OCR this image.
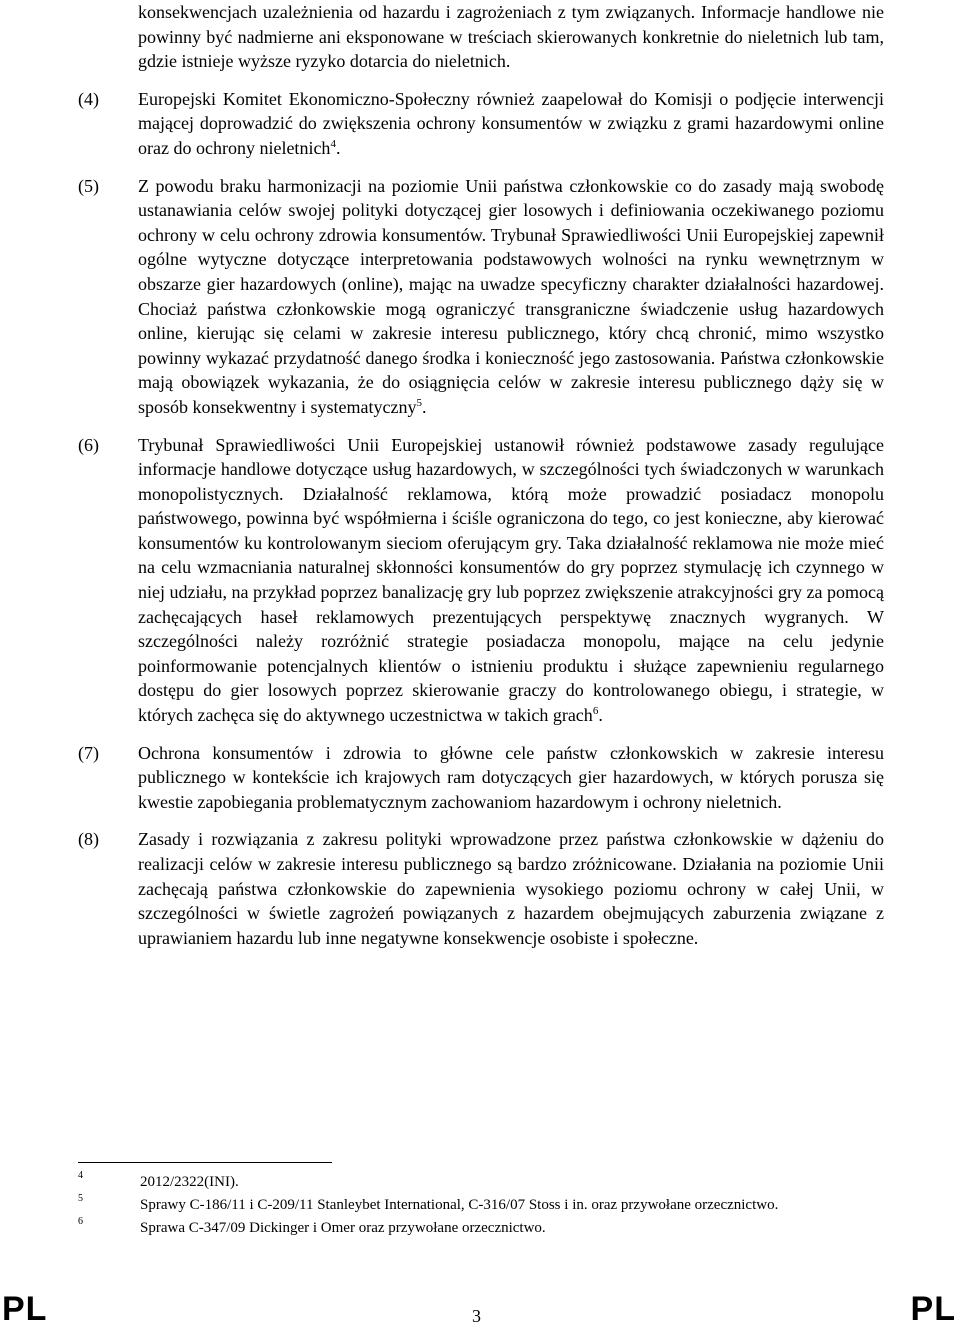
konsekwencjach uzależnienia od hazardu i zagrożeniach z tym związanych. Informacje handlowe nie powinny być nadmierne ani eksponowane w treściach skierowanych konkretnie do nieletnich lub tam, gdzie istnieje wyższe ryzyko dotarcia do nieletnich.
(4)	Europejski Komitet Ekonomiczno-Społeczny również zaapelował do Komisji o podjęcie interwencji mającej doprowadzić do zwiększenia ochrony konsumentów w związku z grami hazardowymi online oraz do ochrony nieletnich$^4$.
(5)	Z powodu braku harmonizacji na poziomie Unii państwa członkowskie co do zasady mają swobodę ustanawiania celów swojej polityki dotyczącej gier losowych i definiowania oczekiwanego poziomu ochrony w celu ochrony zdrowia konsumentów. Trybunał Sprawiedliwości Unii Europejskiej zapewnił ogólne wytyczne dotyczące interpretowania podstawowych wolności na rynku wewnętrznym w obszarze gier hazardowych (online), mając na uwadze specyficzny charakter działalności hazardowej. Chociaż państwa członkowskie mogą ograniczyć transgraniczne świadczenie usług hazardowych online, kierując się celami w zakresie interesu publicznego, który chcą chronić, mimo wszystko powinny wykazać przydatność danego środka i konieczność jego zastosowania. Państwa członkowskie mają obowiązek wykazania, że do osiągnięcia celów w zakresie interesu publicznego dąży się w sposób konsekwentny i systematyczny$^5$.
(6)	Trybunał Sprawiedliwości Unii Europejskiej ustanowił również podstawowe zasady regulujące informacje handlowe dotyczące usług hazardowych, w szczególności tych świadczonych w warunkach monopolistycznych. Działalność reklamowa, którą może prowadzić posiadacz monopolu państwowego, powinna być współmierna i ściśle ograniczona do tego, co jest konieczne, aby kierować konsumentów ku kontrolowanym sieciom oferującym gry. Taka działalność reklamowa nie może mieć na celu wzmacniania naturalnej skłonności konsumentów do gry poprzez stymulację ich czynnego w niej udziału, na przykład poprzez banalizację gry lub poprzez zwiększenie atrakcyjności gry za pomocą zachęcających haseł reklamowych prezentujących perspektywę znacznych wygranych. W szczególności należy rozróżnić strategie posiadacza monopolu, mające na celu jedynie poinformowanie potencjalnych klientów o istnieniu produktu i służące zapewnieniu regularnego dostępu do gier losowych poprzez skierowanie graczy do kontrolowanego obiegu, i strategie, w których zachęca się do aktywnego uczestnictwa w takich grach$^6$.
(7)	Ochrona konsumentów i zdrowia to główne cele państw członkowskich w zakresie interesu publicznego w kontekście ich krajowych ram dotyczących gier hazardowych, w których porusza się kwestie zapobiegania problematycznym zachowaniom hazardowym i ochrony nieletnich.
(8)	Zasady i rozwiązania z zakresu polityki wprowadzone przez państwa członkowskie w dążeniu do realizacji celów w zakresie interesu publicznego są bardzo zróżnicowane. Działania na poziomie Unii zachęcają państwa członkowskie do zapewnienia wysokiego poziomu ochrony w całej Unii, w szczególności w świetle zagrożeń powiązanych z hazardem obejmujących zaburzenia związane z uprawianiem hazardu lub inne negatywne konsekwencje osobiste i społeczne.
4	2012/2322(INI).
5	Sprawy C-186/11 i C-209/11 Stanleybet International, C-316/07 Stoss i in. oraz przywołane orzecznictwo.
6	Sprawa C-347/09 Dickinger i Omer oraz przywołane orzecznictwo.
PL	3	PL
